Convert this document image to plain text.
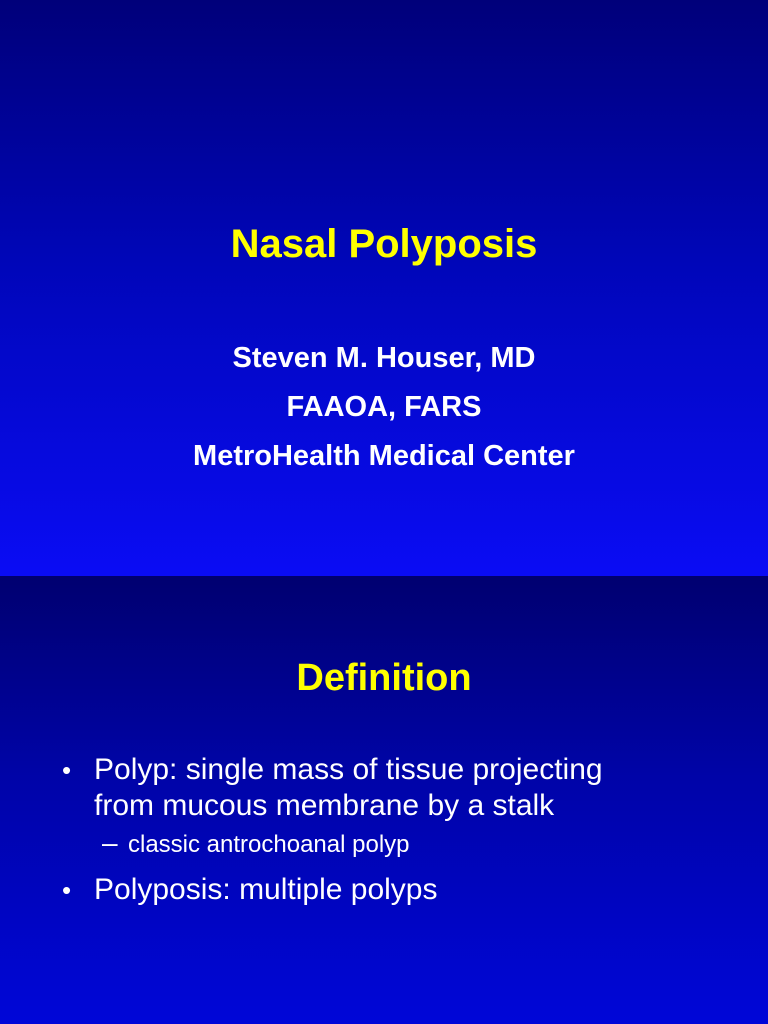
Nasal Polyposis
Steven M. Houser, MD
FAAOA, FARS
MetroHealth Medical Center
Definition
• Polyp: single mass of tissue projecting
from mucous membrane by a stalk
– classic antrochoanal polyp
• Polyposis: multiple polyps
